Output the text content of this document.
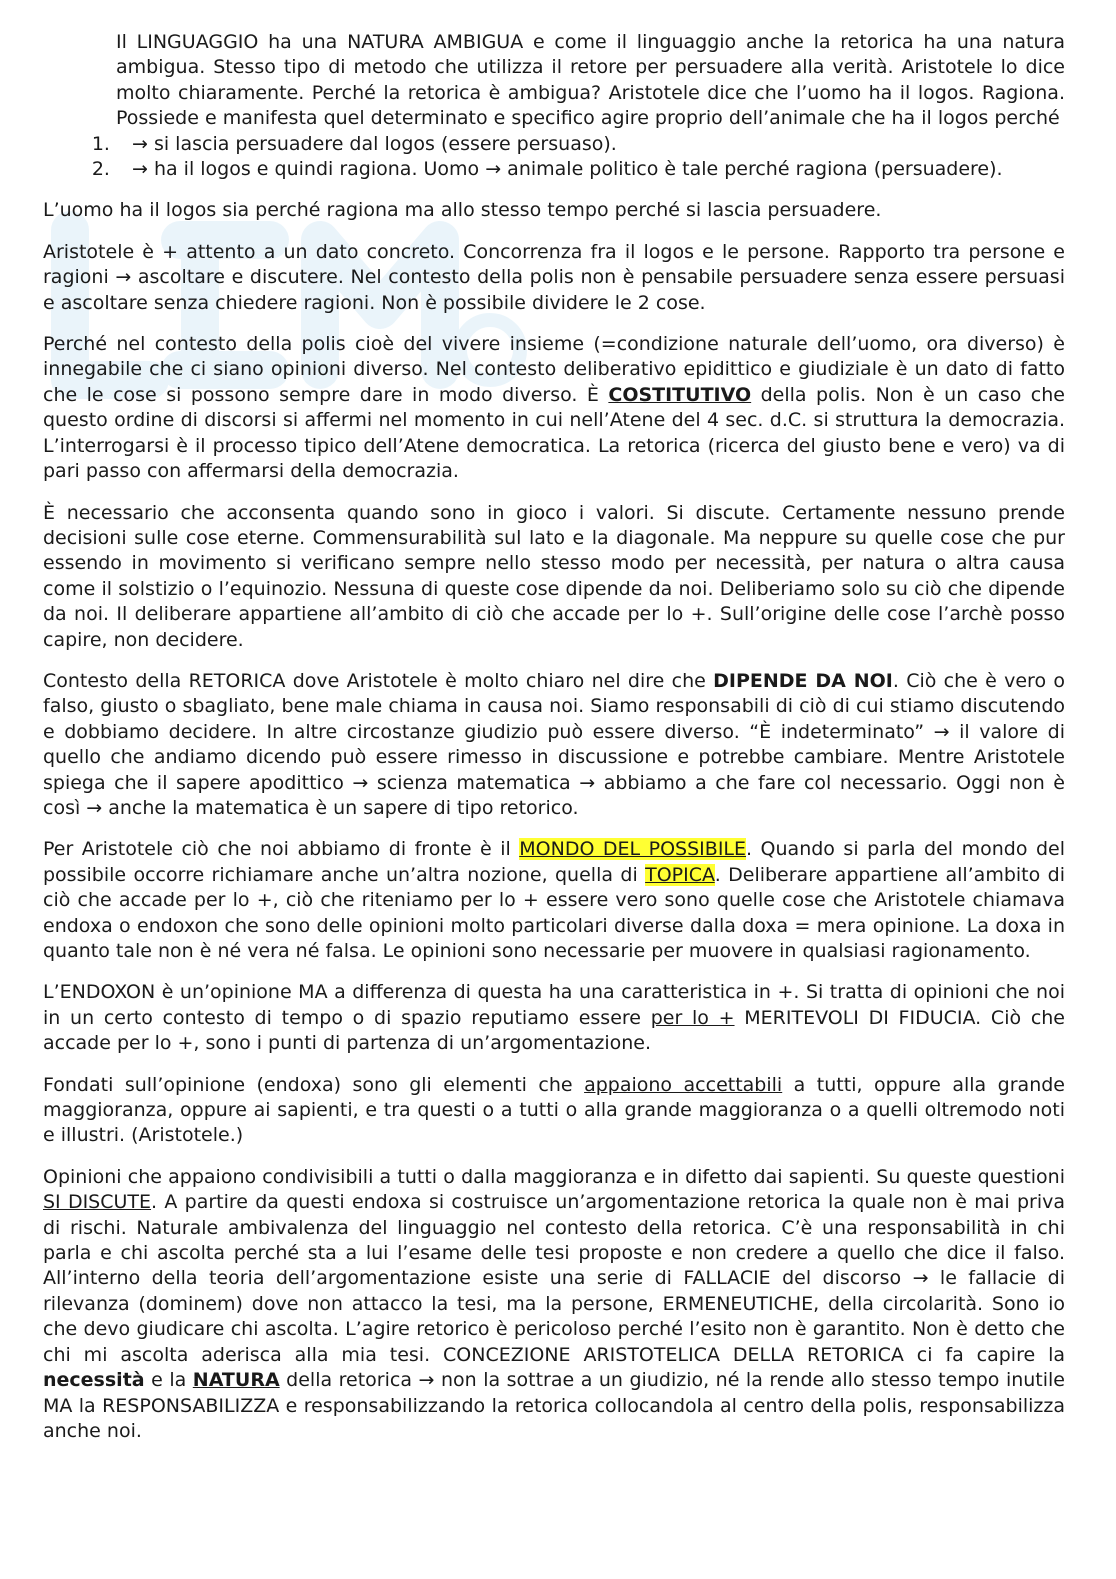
Il LINGUAGGIO ha una NATURA AMBIGUA e come il linguaggio anche la retorica ha una natura ambigua. Stesso tipo di metodo che utilizza il retore per persuadere alla verità. Aristotele lo dice molto chiaramente. Perché la retorica è ambigua? Aristotele dice che l’uomo ha il logos. Ragiona. Possiede e manifesta quel determinato e specifico agire proprio dell’animale che ha il logos perché

1. → si lascia persuadere dal logos (essere persuaso).
2. → ha il logos e quindi ragiona. Uomo → animale politico è tale perché ragiona (persuadere).

L’uomo ha il logos sia perché ragiona ma allo stesso tempo perché si lascia persuadere.

Aristotele è + attento a un dato concreto. Concorrenza fra il logos e le persone. Rapporto tra persone e ragioni → ascoltare e discutere. Nel contesto della polis non è pensabile persuadere senza essere persuasi e ascoltare senza chiedere ragioni. Non è possibile dividere le 2 cose.

Perché nel contesto della polis cioè del vivere insieme (=condizione naturale dell’uomo, ora diverso) è innegabile che ci siano opinioni diverso. Nel contesto deliberativo epidittico e giudiziale è un dato di fatto che le cose si possono sempre dare in modo diverso. È COSTITUTIVO della polis. Non è un caso che questo ordine di discorsi si affermi nel momento in cui nell’Atene del 4 sec. d.C. si struttura la democrazia. L’interrogarsi è il processo tipico dell’Atene democratica. La retorica (ricerca del giusto bene e vero) va di pari passo con affermarsi della democrazia.

È necessario che acconsenta quando sono in gioco i valori. Si discute. Certamente nessuno prende decisioni sulle cose eterne. Commensurabilità sul lato e la diagonale. Ma neppure su quelle cose che pur essendo in movimento si verificano sempre nello stesso modo per necessità, per natura o altra causa come il solstizio o l’equinozio. Nessuna di queste cose dipende da noi. Deliberiamo solo su ciò che dipende da noi. Il deliberare appartiene all’ambito di ciò che accade per lo +. Sull’origine delle cose l’archè posso capire, non decidere.

Contesto della RETORICA dove Aristotele è molto chiaro nel dire che DIPENDE DA NOI. Ciò che è vero o falso, giusto o sbagliato, bene male chiama in causa noi. Siamo responsabili di ciò di cui stiamo discutendo e dobbiamo decidere. In altre circostanze giudizio può essere diverso. “È indeterminato” → il valore di quello che andiamo dicendo può essere rimesso in discussione e potrebbe cambiare. Mentre Aristotele spiega che il sapere apodittico → scienza matematica → abbiamo a che fare col necessario. Oggi non è così → anche la matematica è un sapere di tipo retorico.

Per Aristotele ciò che noi abbiamo di fronte è il MONDO DEL POSSIBILE. Quando si parla del mondo del possibile occorre richiamare anche un’altra nozione, quella di TOPICA. Deliberare appartiene all’ambito di ciò che accade per lo +, ciò che riteniamo per lo + essere vero sono quelle cose che Aristotele chiamava endoxa o endoxon che sono delle opinioni molto particolari diverse dalla doxa = mera opinione. La doxa in quanto tale non è né vera né falsa. Le opinioni sono necessarie per muovere in qualsiasi ragionamento.

L’ENDOXON è un’opinione MA a differenza di questa ha una caratteristica in +. Si tratta di opinioni che noi in un certo contesto di tempo o di spazio reputiamo essere per lo + MERITEVOLI DI FIDUCIA. Ciò che accade per lo +, sono i punti di partenza di un’argomentazione.

Fondati sull’opinione (endoxa) sono gli elementi che appaiono accettabili a tutti, oppure alla grande maggioranza, oppure ai sapienti, e tra questi o a tutti o alla grande maggioranza o a quelli oltremodo noti e illustri. (Aristotele.)

Opinioni che appaiono condivisibili a tutti o dalla maggioranza e in difetto dai sapienti. Su queste questioni SI DISCUTE. A partire da questi endoxa si costruisce un’argomentazione retorica la quale non è mai priva di rischi. Naturale ambivalenza del linguaggio nel contesto della retorica. C’è una responsabilità in chi parla e chi ascolta perché sta a lui l’esame delle tesi proposte e non credere a quello che dice il falso. All’interno della teoria dell’argomentazione esiste una serie di FALLACIE del discorso → le fallacie di rilevanza (dominem) dove non attacco la tesi, ma la persone, ERMENEUTICHE, della circolarità. Sono io che devo giudicare chi ascolta. L’agire retorico è pericoloso perché l’esito non è garantito. Non è detto che chi mi ascolta aderisca alla mia tesi. CONCEZIONE ARISTOTELICA DELLA RETORICA ci fa capire la necessità e la NATURA della retorica → non la sottrae a un giudizio, né la rende allo stesso tempo inutile MA la RESPONSABILIZZA e responsabilizzando la retorica collocandola al centro della polis, responsabilizza anche noi.
